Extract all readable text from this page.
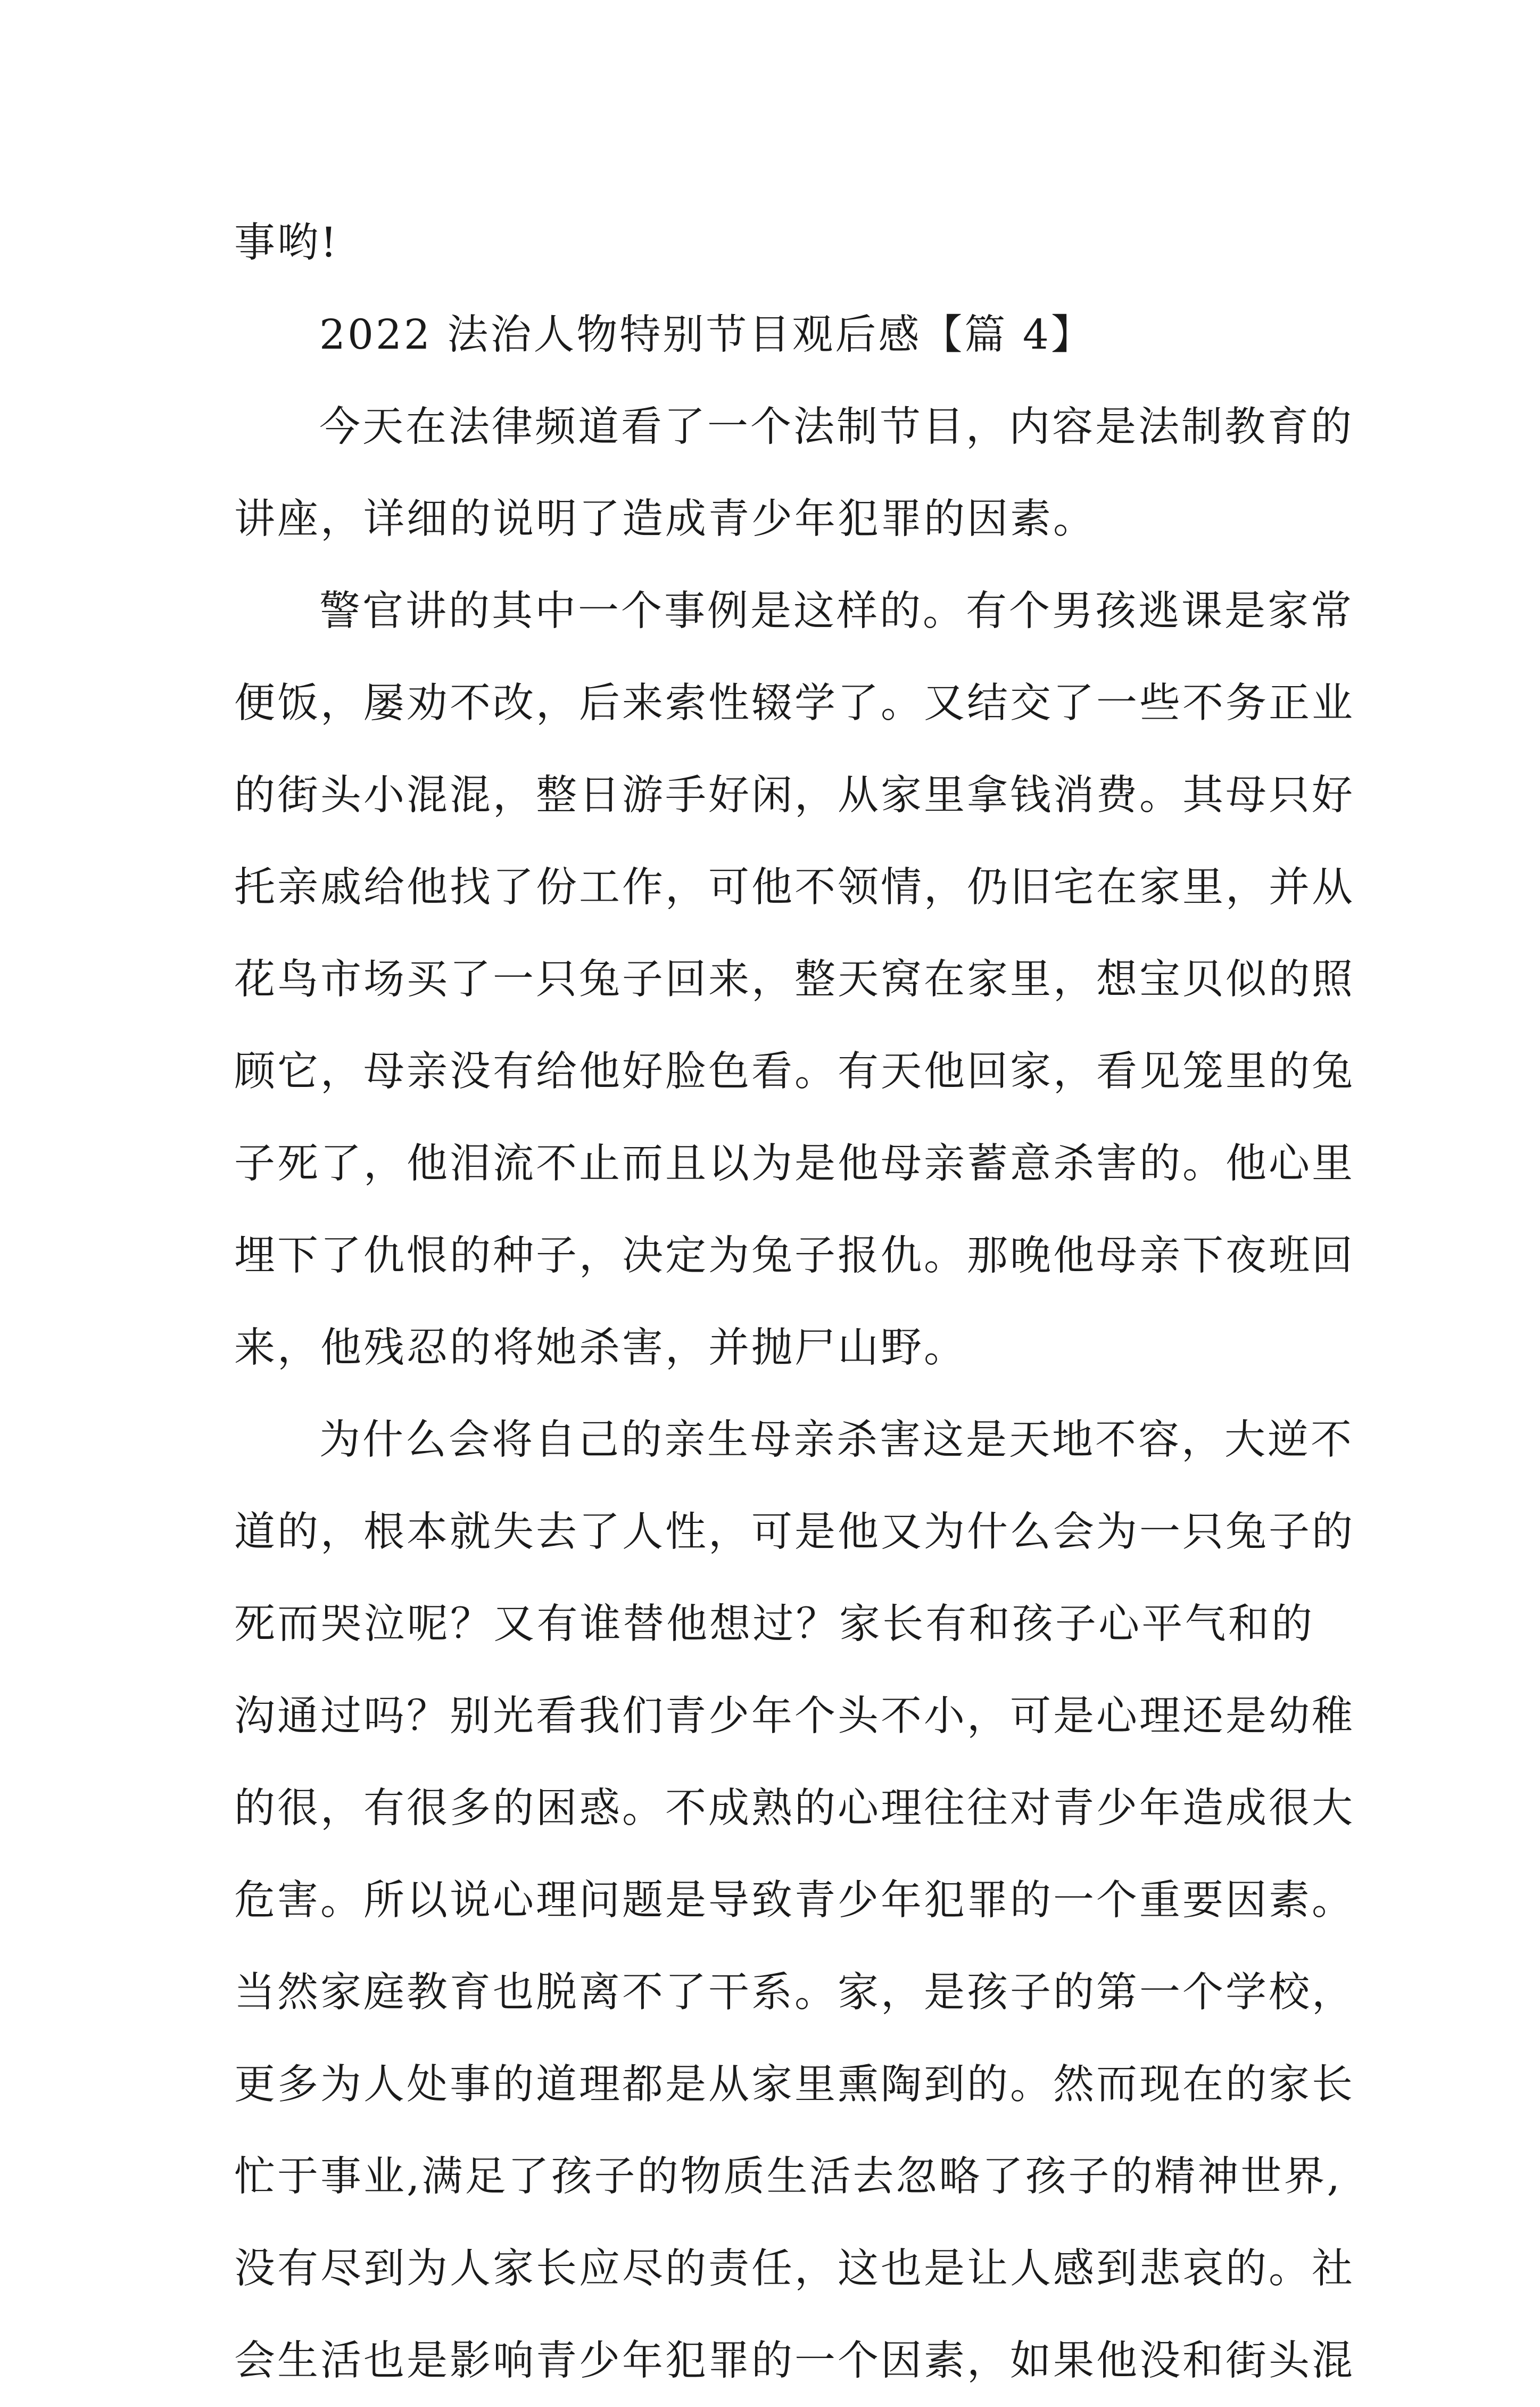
事哟!
2022 法治人物特别节目观后感【篇 4】
今天在法律频道看了一个法制节目，内容是法制教育的
讲座，详细的说明了造成青少年犯罪的因素。
警官讲的其中一个事例是这样的。有个男孩逃课是家常
便饭，屡劝不改，后来索性辍学了。又结交了一些不务正业
的街头小混混，整日游手好闲，从家里拿钱消费。其母只好
托亲戚给他找了份工作，可他不领情，仍旧宅在家里，并从
花鸟市场买了一只兔子回来，整天窝在家里，想宝贝似的照
顾它，母亲没有给他好脸色看。有天他回家，看见笼里的兔
子死了，他泪流不止而且以为是他母亲蓄意杀害的。他心里
埋下了仇恨的种子，决定为兔子报仇。那晚他母亲下夜班回
来，他残忍的将她杀害，并抛尸山野。
为什么会将自己的亲生母亲杀害这是天地不容，大逆不
道的，根本就失去了人性，可是他又为什么会为一只兔子的
死而哭泣呢？又有谁替他想过？家长有和孩子心平气和的
沟通过吗？别光看我们青少年个头不小，可是心理还是幼稚
的很，有很多的困惑。不成熟的心理往往对青少年造成很大
危害。所以说心理问题是导致青少年犯罪的一个重要因素。
当然家庭教育也脱离不了干系。家，是孩子的第一个学校，
更多为人处事的道理都是从家里熏陶到的。然而现在的家长
忙于事业,满足了孩子的物质生活去忽略了孩子的精神世界,
没有尽到为人家长应尽的责任，这也是让人感到悲哀的。社
会生活也是影响青少年犯罪的一个因素，如果他没和街头混
